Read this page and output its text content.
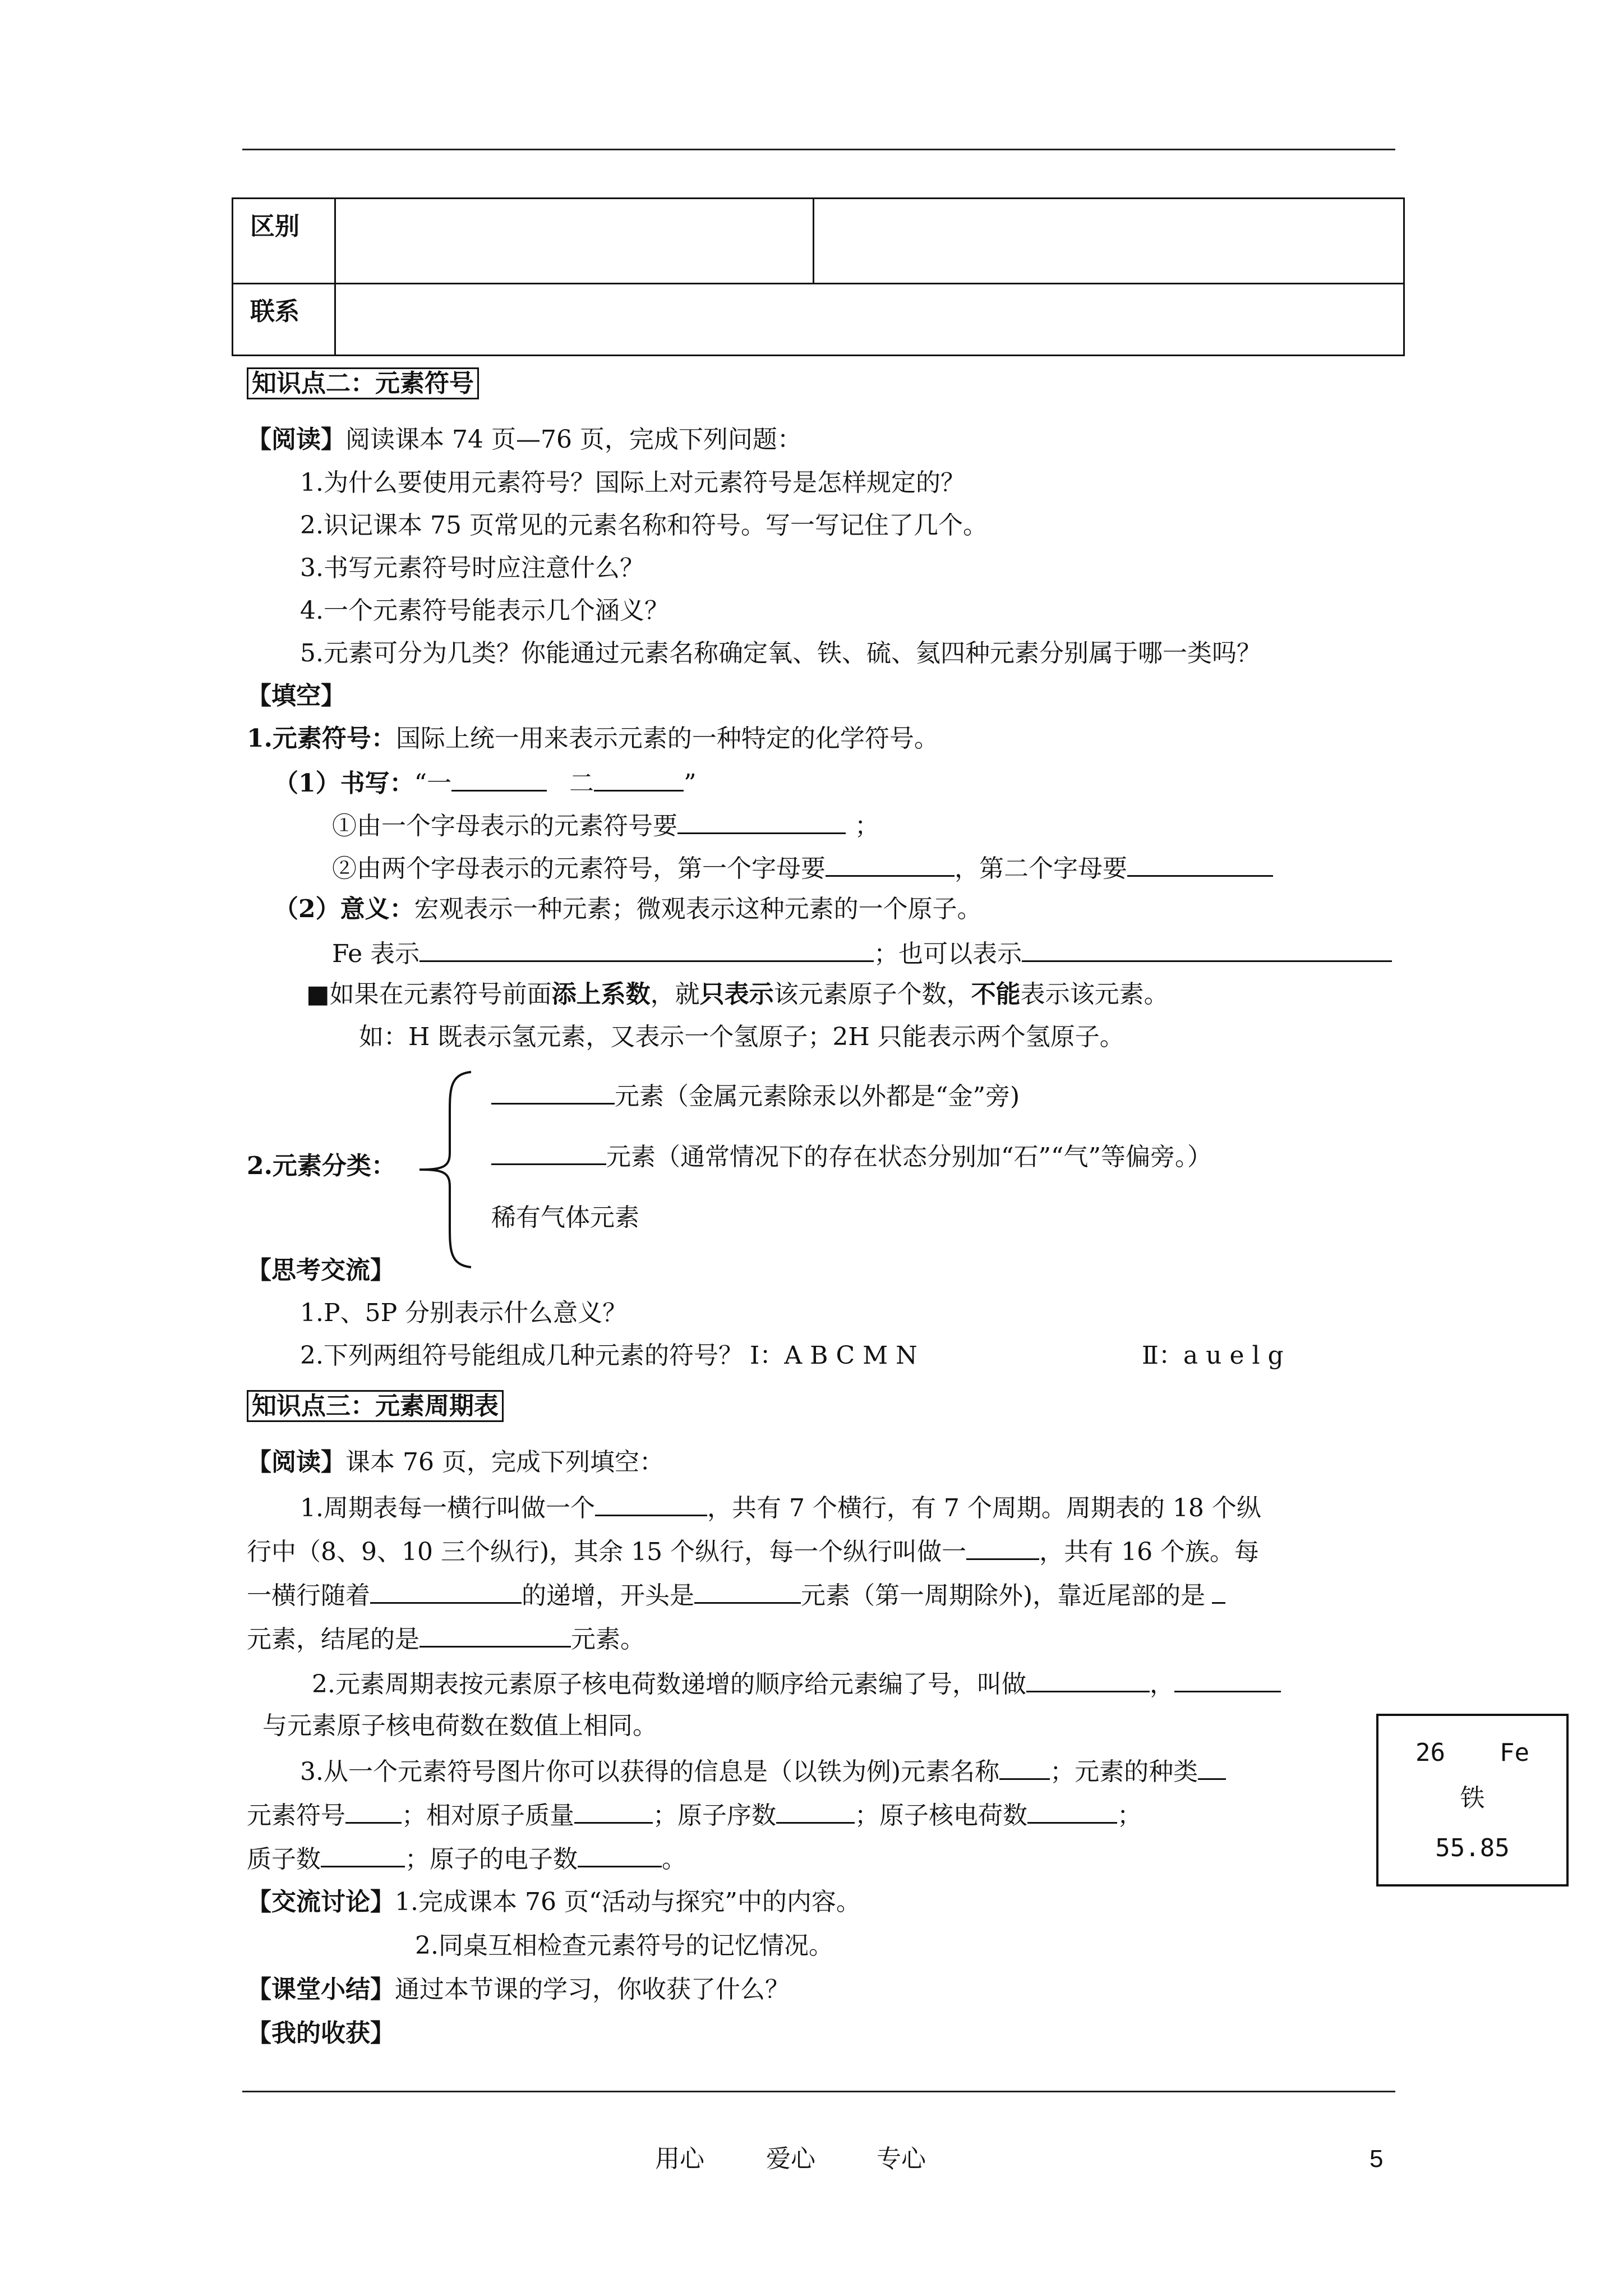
区别		
联系		
知识点二：元素符号
【阅读】阅读课本 74 页—76 页，完成下列问题：
1.为什么要使用元素符号？国际上对元素符号是怎样规定的？
2.识记课本 75 页常见的元素名称和符号。写一写记住了几个。
3.书写元素符号时应注意什么？
4.一个元素符号能表示几个涵义？
5.元素可分为几类？你能通过元素名称确定氧、铁、硫、氦四种元素分别属于哪一类吗？
【填空】
1.元素符号：国际上统一用来表示元素的一种特定的化学符号。
（1）书写：“一	二	”
①由一个字母表示的元素符号要	；
②由两个字母表示的元素符号，第一个字母要	，第二个字母要
（2）意义：宏观表示一种元素；微观表示这种元素的一个原子。
Fe 表示	；也可以表示
■如果在元素符号前面添上系数，就只表示该元素原子个数，不能表示该元素。
如：H 既表示氢元素，又表示一个氢原子；2H 只能表示两个氢原子。
2.元素分类：
元素（金属元素除汞以外都是“金”旁)
元素（通常情况下的存在状态分别加“石”“气”等偏旁。）
稀有气体元素
【思考交流】
1.P、5P 分别表示什么意义？
2.下列两组符号能组成几种元素的符号？ Ⅰ：A B C M N	Ⅱ：a u e l g
知识点三：元素周期表
【阅读】课本 76 页，完成下列填空：
1.周期表每一横行叫做一个	，共有 7 个横行，有 7 个周期。周期表的 18 个纵
行中（8、9、10 三个纵行)，其余 15 个纵行，每一个纵行叫做一	，共有 16 个族。每
一横行随着	的递增，开头是	元素（第一周期除外)，靠近尾部的是
元素，结尾的是	元素。
2.元素周期表按元素原子核电荷数递增的顺序给元素编了号，叫做	，
与元素原子核电荷数在数值上相同。
3.从一个元素符号图片你可以获得的信息是（以铁为例)元素名称 ；元素的种类
元素符号 ；相对原子质量	；原子序数	；原子核电荷数	；
质子数	；原子的电子数	。
26	Fe
铁
55.85
【交流讨论】1.完成课本 76 页“活动与探究”中的内容。
2.同桌互相检查元素符号的记忆情况。
【课堂小结】通过本节课的学习，你收获了什么？
【我的收获】
用心	爱心 专心	5
